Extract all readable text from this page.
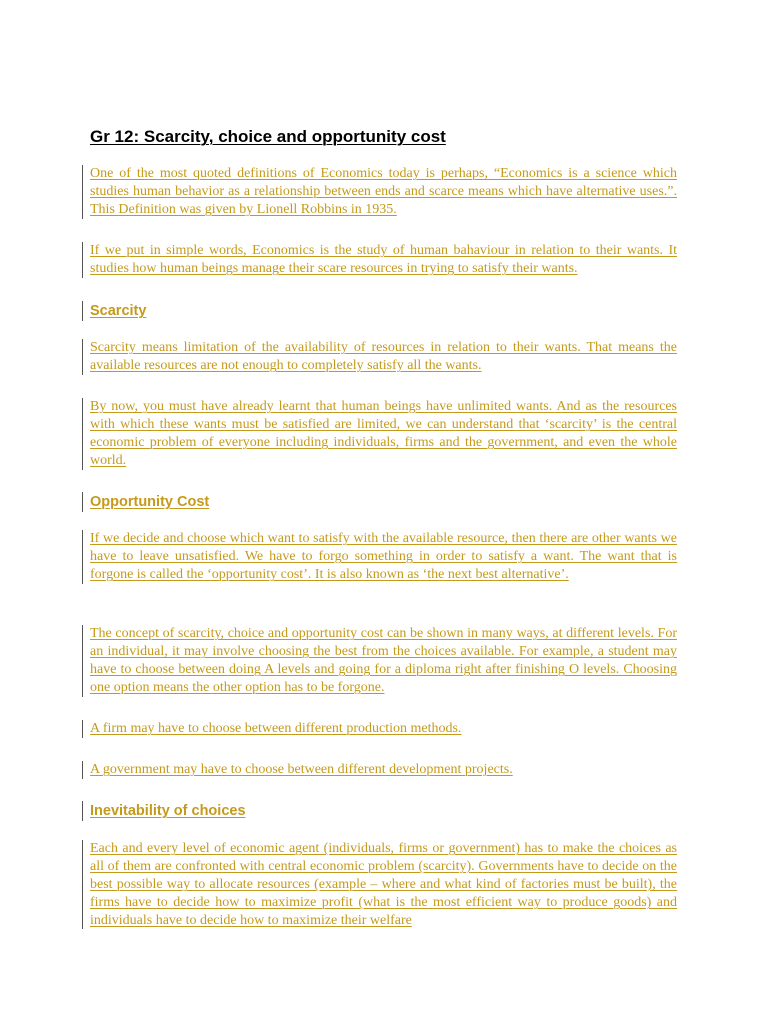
Gr 12: Scarcity, choice and opportunity cost

One of the most quoted definitions of Economics today is perhaps, “Economics is a science which studies human behavior as a relationship between ends and scarce means which have alternative uses.”. This Definition was given by Lionell Robbins in 1935.

If we put in simple words, Economics is the study of human bahaviour in relation to their wants. It studies how human beings manage their scare resources in trying to satisfy their wants.

Scarcity

Scarcity means limitation of the availability of resources in relation to their wants. That means the available resources are not enough to completely satisfy all the wants.

By now, you must have already learnt that human beings have unlimited wants. And as the resources with which these wants must be satisfied are limited, we can understand that ‘scarcity’ is the central economic problem of everyone including individuals, firms and the government, and even the whole world.

Opportunity Cost

If we decide and choose which want to satisfy with the available resource, then there are other wants we have to leave unsatisfied. We have to forgo something in order to satisfy a want. The want that is forgone is called the ‘opportunity cost’. It is also known as ‘the next best alternative’.

The concept of scarcity, choice and opportunity cost can be shown in many ways, at different levels. For an individual, it may involve choosing the best from the choices available. For example, a student may have to choose between doing A levels and going for a diploma right after finishing O levels. Choosing one option means the other option has to be forgone.

A firm may have to choose between different production methods.

A government may have to choose between different development projects.

Inevitability of choices

Each and every level of economic agent (individuals, firms or government) has to make the choices as all of them are confronted with central economic problem (scarcity). Governments have to decide on the best possible way to allocate resources (example – where and what kind of factories must be built), the firms have to decide how to maximize profit (what is the most efficient way to produce goods) and individuals have to decide how to maximize their welfare
